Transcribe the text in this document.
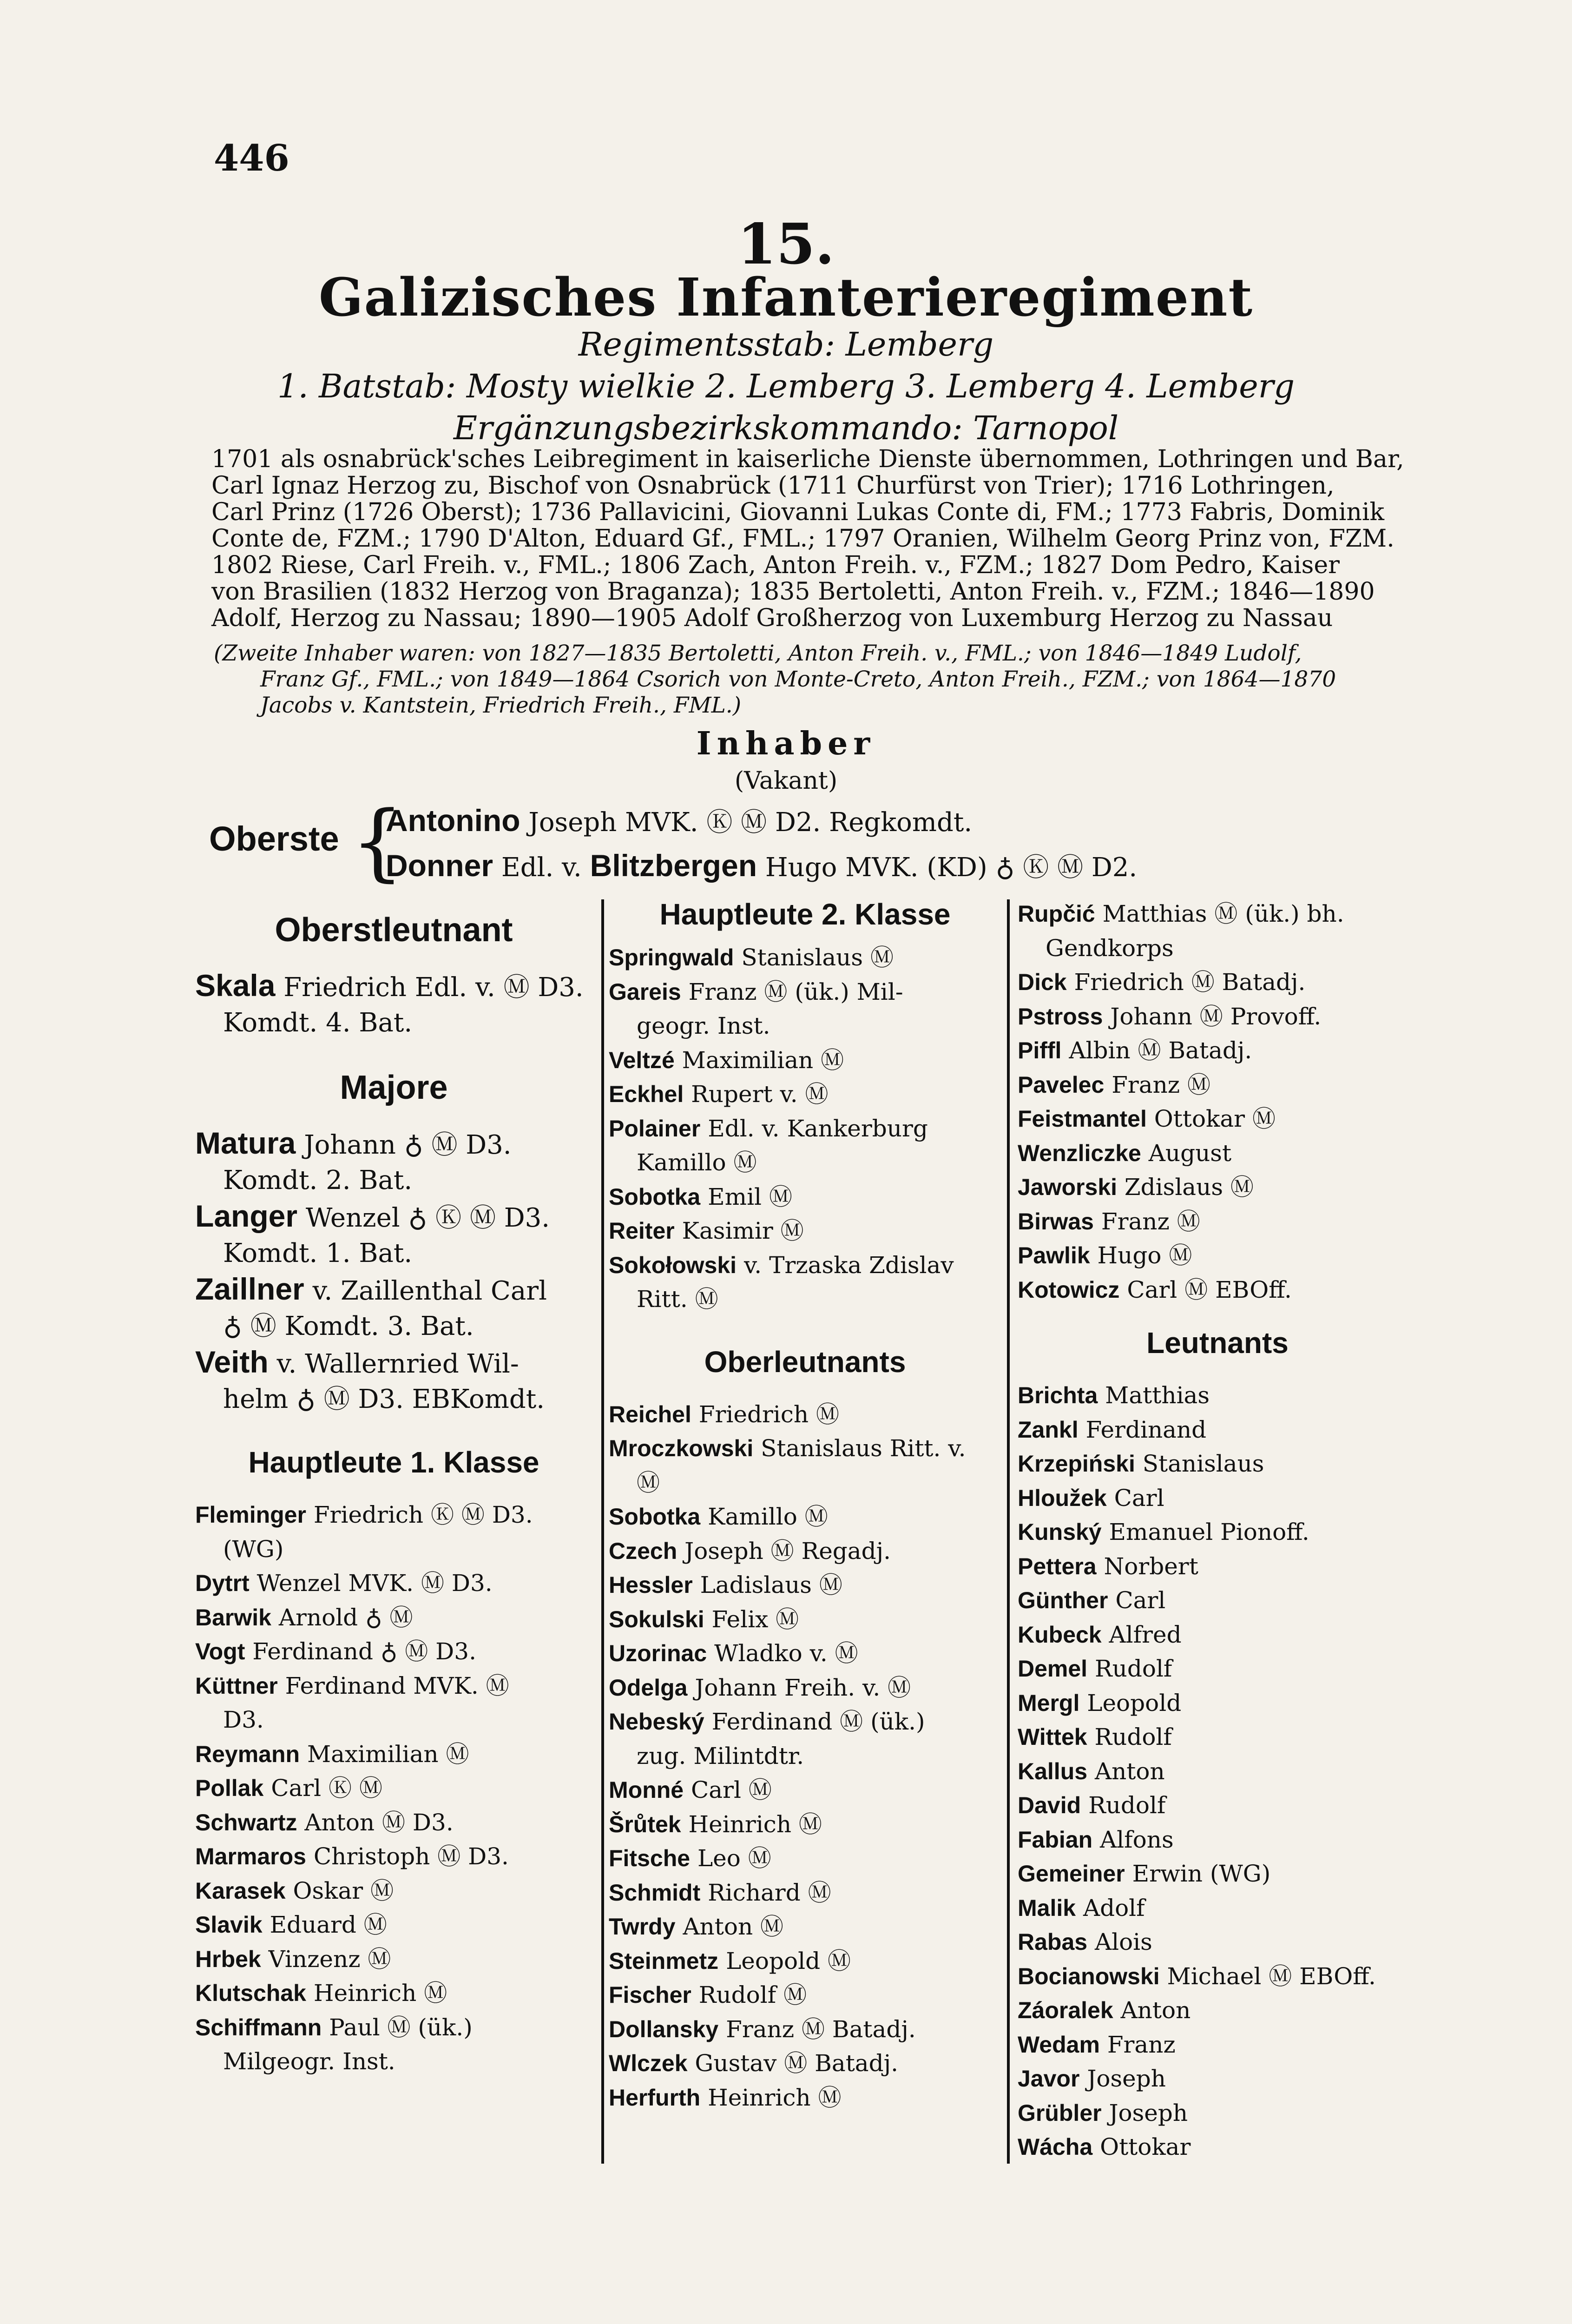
446
15.
Galizisches Infanterieregiment
Regimentsstab: Lemberg
1. Batstab: Mosty wielkie 2. Lemberg 3. Lemberg 4. Lemberg
Ergänzungsbezirkskommando: Tarnopol
1701 als osnabrück'sches Leibregiment in kaiserliche Dienste übernommen, Lothringen und Bar,
Carl Ignaz Herzog zu, Bischof von Osnabrück (1711 Churfürst von Trier); 1716 Lothringen,
Carl Prinz (1726 Oberst); 1736 Pallavicini, Giovanni Lukas Conte di, FM.; 1773 Fabris, Dominik
Conte de, FZM.; 1790 D'Alton, Eduard Gf., FML.; 1797 Oranien, Wilhelm Georg Prinz von, FZM.
1802 Riese, Carl Freih. v., FML.; 1806 Zach, Anton Freih. v., FZM.; 1827 Dom Pedro, Kaiser
von Brasilien (1832 Herzog von Braganza); 1835 Bertoletti, Anton Freih. v., FZM.; 1846—1890
Adolf, Herzog zu Nassau; 1890—1905 Adolf Großherzog von Luxemburg Herzog zu Nassau
(Zweite Inhaber waren: von 1827—1835 Bertoletti, Anton Freih. v., FML.; von 1846—1849 Ludolf,
Franz Gf., FML.; von 1849—1864 Csorich von Monte-Creto, Anton Freih., FZM.; von 1864—1870
Jacobs v. Kantstein, Friedrich Freih., FML.)
Inhaber
(Vakant)
Oberste {
Antonino Joseph MVK. Ⓚ Ⓜ D2. Regkomdt.
Donner Edl. v. Blitzbergen Hugo MVK. (KD) ♁ Ⓚ Ⓜ D2.
Oberstleutnant
Skala Friedrich Edl. v. Ⓜ D3.
Komdt. 4. Bat.
Majore
Matura Johann ♁ Ⓜ D3.
Komdt. 2. Bat.
Langer Wenzel ♁ Ⓚ Ⓜ D3.
Komdt. 1. Bat.
Zaillner v. Zaillenthal Carl
♁ Ⓜ Komdt. 3. Bat.
Veith v. Wallernried Wil-
helm ♁ Ⓜ D3. EBKomdt.
Hauptleute 1. Klasse
Fleminger Friedrich Ⓚ Ⓜ D3.
(WG)
Dytrt Wenzel MVK. Ⓜ D3.
Barwik Arnold ♁ Ⓜ
Vogt Ferdinand ♁ Ⓜ D3.
Küttner Ferdinand MVK. Ⓜ
D3.
Reymann Maximilian Ⓜ
Pollak Carl Ⓚ Ⓜ
Schwartz Anton Ⓜ D3.
Marmaros Christoph Ⓜ D3.
Karasek Oskar Ⓜ
Slavik Eduard Ⓜ
Hrbek Vinzenz Ⓜ
Klutschak Heinrich Ⓜ
Schiffmann Paul Ⓜ (ük.)
Milgeogr. Inst.
Hauptleute 2. Klasse
Springwald Stanislaus Ⓜ
Gareis Franz Ⓜ (ük.) Mil-
geogr. Inst.
Veltzé Maximilian Ⓜ
Eckhel Rupert v. Ⓜ
Polainer Edl. v. Kankerburg
Kamillo Ⓜ
Sobotka Emil Ⓜ
Reiter Kasimir Ⓜ
Sokołowski v. Trzaska Zdislav
Ritt. Ⓜ
Oberleutnants
Reichel Friedrich Ⓜ
Mroczkowski Stanislaus Ritt. v.
Ⓜ
Sobotka Kamillo Ⓜ
Czech Joseph Ⓜ Regadj.
Hessler Ladislaus Ⓜ
Sokulski Felix Ⓜ
Uzorinac Wladko v. Ⓜ
Odelga Johann Freih. v. Ⓜ
Nebeský Ferdinand Ⓜ (ük.)
zug. Milintdtr.
Monné Carl Ⓜ
Šrůtek Heinrich Ⓜ
Fitsche Leo Ⓜ
Schmidt Richard Ⓜ
Twrdy Anton Ⓜ
Steinmetz Leopold Ⓜ
Fischer Rudolf Ⓜ
Dollansky Franz Ⓜ Batadj.
Wlczek Gustav Ⓜ Batadj.
Herfurth Heinrich Ⓜ
Rupčić Matthias Ⓜ (ük.) bh.
Gendkorps
Dick Friedrich Ⓜ Batadj.
Pstross Johann Ⓜ Provoff.
Piffl Albin Ⓜ Batadj.
Pavelec Franz Ⓜ
Feistmantel Ottokar Ⓜ
Wenzliczke August
Jaworski Zdislaus Ⓜ
Birwas Franz Ⓜ
Pawlik Hugo Ⓜ
Kotowicz Carl Ⓜ EBOff.
Leutnants
Brichta Matthias
Zankl Ferdinand
Krzepiński Stanislaus
Hloužek Carl
Kunský Emanuel Pionoff.
Pettera Norbert
Günther Carl
Kubeck Alfred
Demel Rudolf
Mergl Leopold
Wittek Rudolf
Kallus Anton
David Rudolf
Fabian Alfons
Gemeiner Erwin (WG)
Malik Adolf
Rabas Alois
Bocianowski Michael Ⓜ EBOff.
Záoralek Anton
Wedam Franz
Javor Joseph
Grübler Joseph
Wácha Ottokar
